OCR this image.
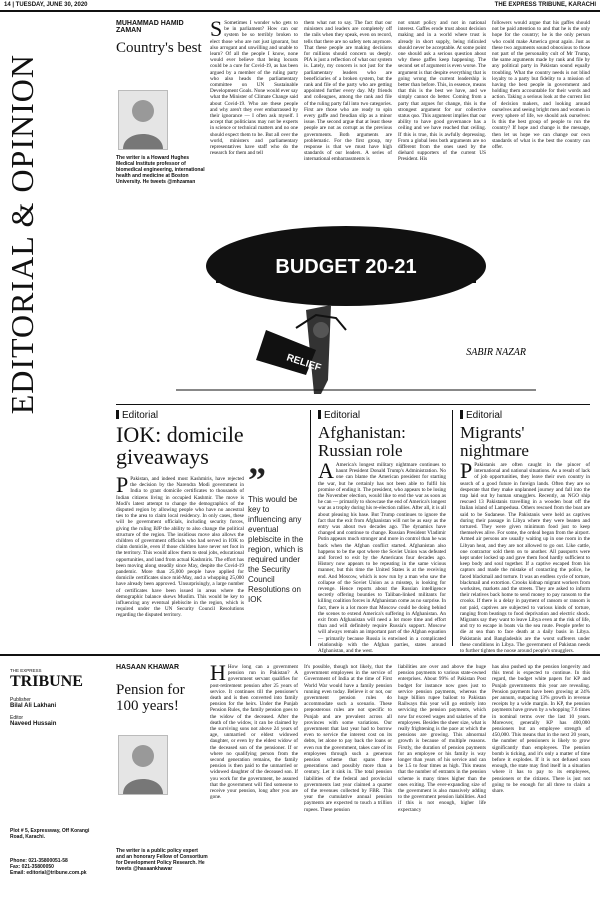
14 | TUESDAY, JUNE 30, 2020	THE EXPRESS TRIBUNE, KARACHI
EDITORIAL & OPINION
MUHAMMAD HAMID ZAMAN
Country's best
The writer is a Howard Hughes Medical Institute professor of biomedical engineering, international health and medicine at Boston University. He tweets @mhzaman
S Sometimes I wonder who gets to be in parliament? How can our system be so terribly broken to elect those who are not just ignorant, but also arrogant and unwilling and unable to learn? Of all the people I know, none would ever believe that being locusts could be a cure for Covid-19, as has been argued by a member of the ruling party who also heads the parliamentary committee on UN Sustainable Development Goals. None would ever say what the Minister of Climate Change said about Covid-19. Who are these people and why aren't they ever embarrassed by their ignorance — I often ask myself. I accept that politicians may not be experts in science or technical matters and no one should expect them to be. But all over the world, ministers and parliamentary representatives have staff who do the research for them and tell
them what not to say. The fact that our ministers and leaders are completely off the rails when they speak, even on record, tells that there are no safety nets anymore. That these people are making decisions for millions should concern us deeply. PIA is just a reflection of what our system is. Lately, my concern is not just for the parliamentary leaders who are beneficiaries of a broken system, but the rank and file of the party who are getting appointed further every day. My friends and colleagues, among the rank and file of the ruling party fall into two categories. First are those who are ready to spin every gaffe and freudian slip as a minor issue. The second argue that at least these people are not as corrupt as the previous governments. Both arguments are problematic. For the first group, my response is that we must have high standards of our leaders. A series of international embarrassments is
not smart policy and not in national interest. Gaffes erode trust about decision making and in a world where trust is already in short supply, being ridiculed should never be acceptable. At some point one should ask a serious question about why these gaffes keep happening. The second set of argument is even worse. The argument is that despite everything that is going wrong the current leadership is better than before. This, in essence, means that this is the best we have, and we simply cannot do better. Coming from a party that argues for change, this is the strongest argument for our collective status quo. This argument implies that our ability to have good governance has a ceiling and we have reached that ceiling. If this is true, this is awfully depressing. From a global lens both arguments are no different from the ones used by the diehard supporters of the current US President. His
followers would argue that his gaffes should not be paid attention to and that he is the only hope for the country; he is the only person who could make America great again. Just as these two arguments sound obnoxious to those not part of the personality cult of Mr Trump, the same arguments made by rank and file by any political party in Pakistan sound equally troubling. What the country needs is not blind loyalty to a party but fidelity to a mission of having the best people in government and holding them accountable for their words and action. Taking a serious look at the current list of decision makers, and looking around ourselves and seeing bright men and women in every sphere of life, we should ask ourselves: Is this the best group of people to run the country? If hope and change is the message, then let us hope we can change our own standards of what is the best the country can offer.
BUDGET 20-21
RELIEF	SABIR NAZAR
Editorial
IOK: domicile giveaways
P Pakistan, and indeed most Kashmiris, have rejected the decision by the Narendra Modi government in India to grant domicile certificates to thousands of Indian citizens living in occupied Kashmir. The move is Modi's latest attempt to change the demographics of the disputed region by allowing people who have no ancestral ties to the area to claim local residency. In only cases, these will be government officials, including security forces, giving the ruling BJP the ability to also change the political structure of the region. The insidious move also allows the children of government officials who had served in IOK to claim domicile, even if those children have never set foot in the territory. This would allow them to steal jobs, educational opportunities, and land from actual Kashmiris. The effort has been moving along steadily since May, despite the Covid-19 pandemic. More than 25,000 people have applied for domicile certificates since mid-May, and a whopping 25,000 have already been approved. 'Unsurprisingly, a large number of certificates have been issued in areas where the demographic balance skews Muslim. This would be key to influencing any eventual plebiscite in the region, which is required under the UN Security Council Resolutions regarding the disputed territory.
”
This would be key to influencing any eventual plebiscite in the region, which is required under the Security Council Resolutions on IOK
Editorial
Afghanistan: Russian role
A America's longest military nightmare continues to haunt President Donald Trump's Administration. No one can blame the American president for starting the war, but he certainly has not been able to fulfil his promise of ending it. The president, who appears to be losing the November election, would like to end the war as soon as he can — primarily to showcase the end of America's longest war as a trophy during his re-election rallies. After all, it is all about pleasing his base. But Trump continues to ignore the fact that the exit from Afghanistan will not be as easy as the entry was about two decades ago. The dynamics have changed and continue to change. Russian President Vladimir Putin appears much stronger and more in control than he was back when the Afghan conflict started. Afghanistan also happens to be the spot where the Soviet Union was defeated and forced to exit by the Americans four decades ago. History now appears to be repeating in the same vicious manner, but this time the United States is at the receiving end. And Moscow, which is now run by a man who saw the collapse of the Soviet Union as a misstep, is looking for revenge. Hence reports about the Russian intelligence secretly offering bounties to Taliban-linked militants for killing coalition forces in Afghanistan come as no surprise. In fact, there is a lot more that Moscow could be doing behind the scenes to extend America's suffering in Afghanistan. An exit from Afghanistan will need a lot more time and effort than and will definitely require Russia's support. Moscow will always remain an important part of the Afghan equation — primarily because Russia is entwined in a complicated relationship with the Afghan parties, states around Afghanistan, and the west.
Editorial
Migrants' nightmare
P Pakistanis are often caught in the pincer of international and national situations. As a result of lack of job opportunities, they leave their own country in search of a good future in foreign lands. Often they are so desperate that they make unplanned journey and fall into the trap laid out by human smugglers. Recently, an NGO ship rescued 13 Pakistanis travelling in a wooden boat off the Italian island of Lampedusa. Others rescued from the boat are said to be Sudanese. The Pakistanis were held as captives during their passage in Libya where they were beaten and tortured. They were given minimum food just to keep themselves alive. For some, the ordeal began from the airport. Armed air persons are usually waiting up in one room in the Libyan heat, and they are not allowed to go out. Like cattle, one contractor sold them on to another. All passports were kept under locked up and gave them food hardly sufficient to keep body and soul together. If a captive escaped from his captors and made the mistake of contacting the police, he faced blackmail and torture. It was an endless cycle of torture, blackmail and extortion. Crooks kidnap migrant workers from worksites, markets and the streets. They are asked to inform their relatives back home to send money to pay ransom to the crooks. If there is a delay in payment of ransom or ransom is not paid, captives are subjected to various kinds of torture, ranging from beatings to food deprivation and electric shock. Migrants say they want to leave Libya even at the risk of life, and try to escape in boats via the sea route. People prefer to die at sea than to face death at a daily basis in Libya. Pakistanis and Bangladeshis are the worst sufferers under these conditions in Libya. The government of Pakistan needs to further tighten the noose around people's smugglers.
THE EXPRESS
TRIBUNE
Publisher
Bilal Ali Lakhani
Editor
Naveed Hussain
Plot # 5, Expressway, Off Korangi Road, Karachi.
Phone: 021-35800051-58
Fax: 021-35800050
Email: editorial@tribune.com.pk
HASAAN KHAWAR
Pension for 100 years!
The writer is a public policy expert and an honorary Fellow of Consortium for Development Policy Research. He tweets @hasaankhawar
H How long can a government pension run in Pakistan? A government servant qualifies for post-retirement pension after 25 years of service. It continues till the pensioner's death and is then converted into family pension for the heirs. Under the Punjab Pension Rules, the family pension goes to the widow of the deceased. After the death of the widow, it can be claimed by the surviving sons not above 24 years of age, unmarried or eldest widowed daughter, or even by the eldest widow of the deceased son of the pensioner. If or where no qualifying person from the second generation remains, the family pension is then paid to the unmarried or widowed daughter of the deceased son. If you work for the government, be assured that the government will find someone to receive your pension, long after you are gone.
It's possible, though not likely, that the government employees in the service of Government of India at the time of First World War would have a family pension running even today. Believe it or not, our government pension rules do accommodate such a scenario. These preposterous rules are not specific to Punjab and are prevalent across all provinces with some variations. Our government that last year had to borrow even to service the interest cost on its debts, let alone to pay back the loans or even run the government, takes care of its employees through such a generous pension scheme that spans three generations and possibly more than a century. Let it sink in. The total pension liabilities of the federal and provincial governments last year claimed a quarter of the revenues collected by FBR. This year the cumulative annual pension payments are expected to touch a trillion rupees. These pension
liabilities are over and above the huge pension payments to various state-owned enterprises. About 99% of Pakistan Post budget for instance now goes just to service pension payments, whereas the huge billion rupee bailout to Pakistan Railways this year will go entirely into servicing the pension payments, which now far exceed wages and salaries of the employees. Besides the sheer size, what is really frightening is the pace at which the pensions are growing. This abnormal growth is because of multiple reasons. Firstly, the duration of pension payments for an employee or his family is way longer than years of his service and can be 1.5 to four times as high. This means that the number of entrants in the pension scheme is many times higher than the ones exiting. The ever-expanding size of the government is also massively adding to the government pension liabilities. And if this is not enough, higher life expectancy
has also pushed up the pension longevity and this trend is expected to continue. In this regard, the budget white papers for KP and Punjab governments this year are revealing. Pension payments have been growing at 24% per annum, outpacing 13% growth in revenue receipts by a wide margin. In KP, the pension payments have grown by a whopping 7.6 times in nominal terms over the last 10 years. Moreover, generally KP has 400,000 pensioners but an employee strength of 450,000. This means that in the next 20 years, the number of pensioners is likely to grow significantly than employees. The pension bomb is ticking, and it's only a matter of time before it explodes. If it is not defused soon enough, the state may find itself in a situation where it has to pay to its employees, pensioners or the citizens. There is just not going to be enough for all three to claim a share.
